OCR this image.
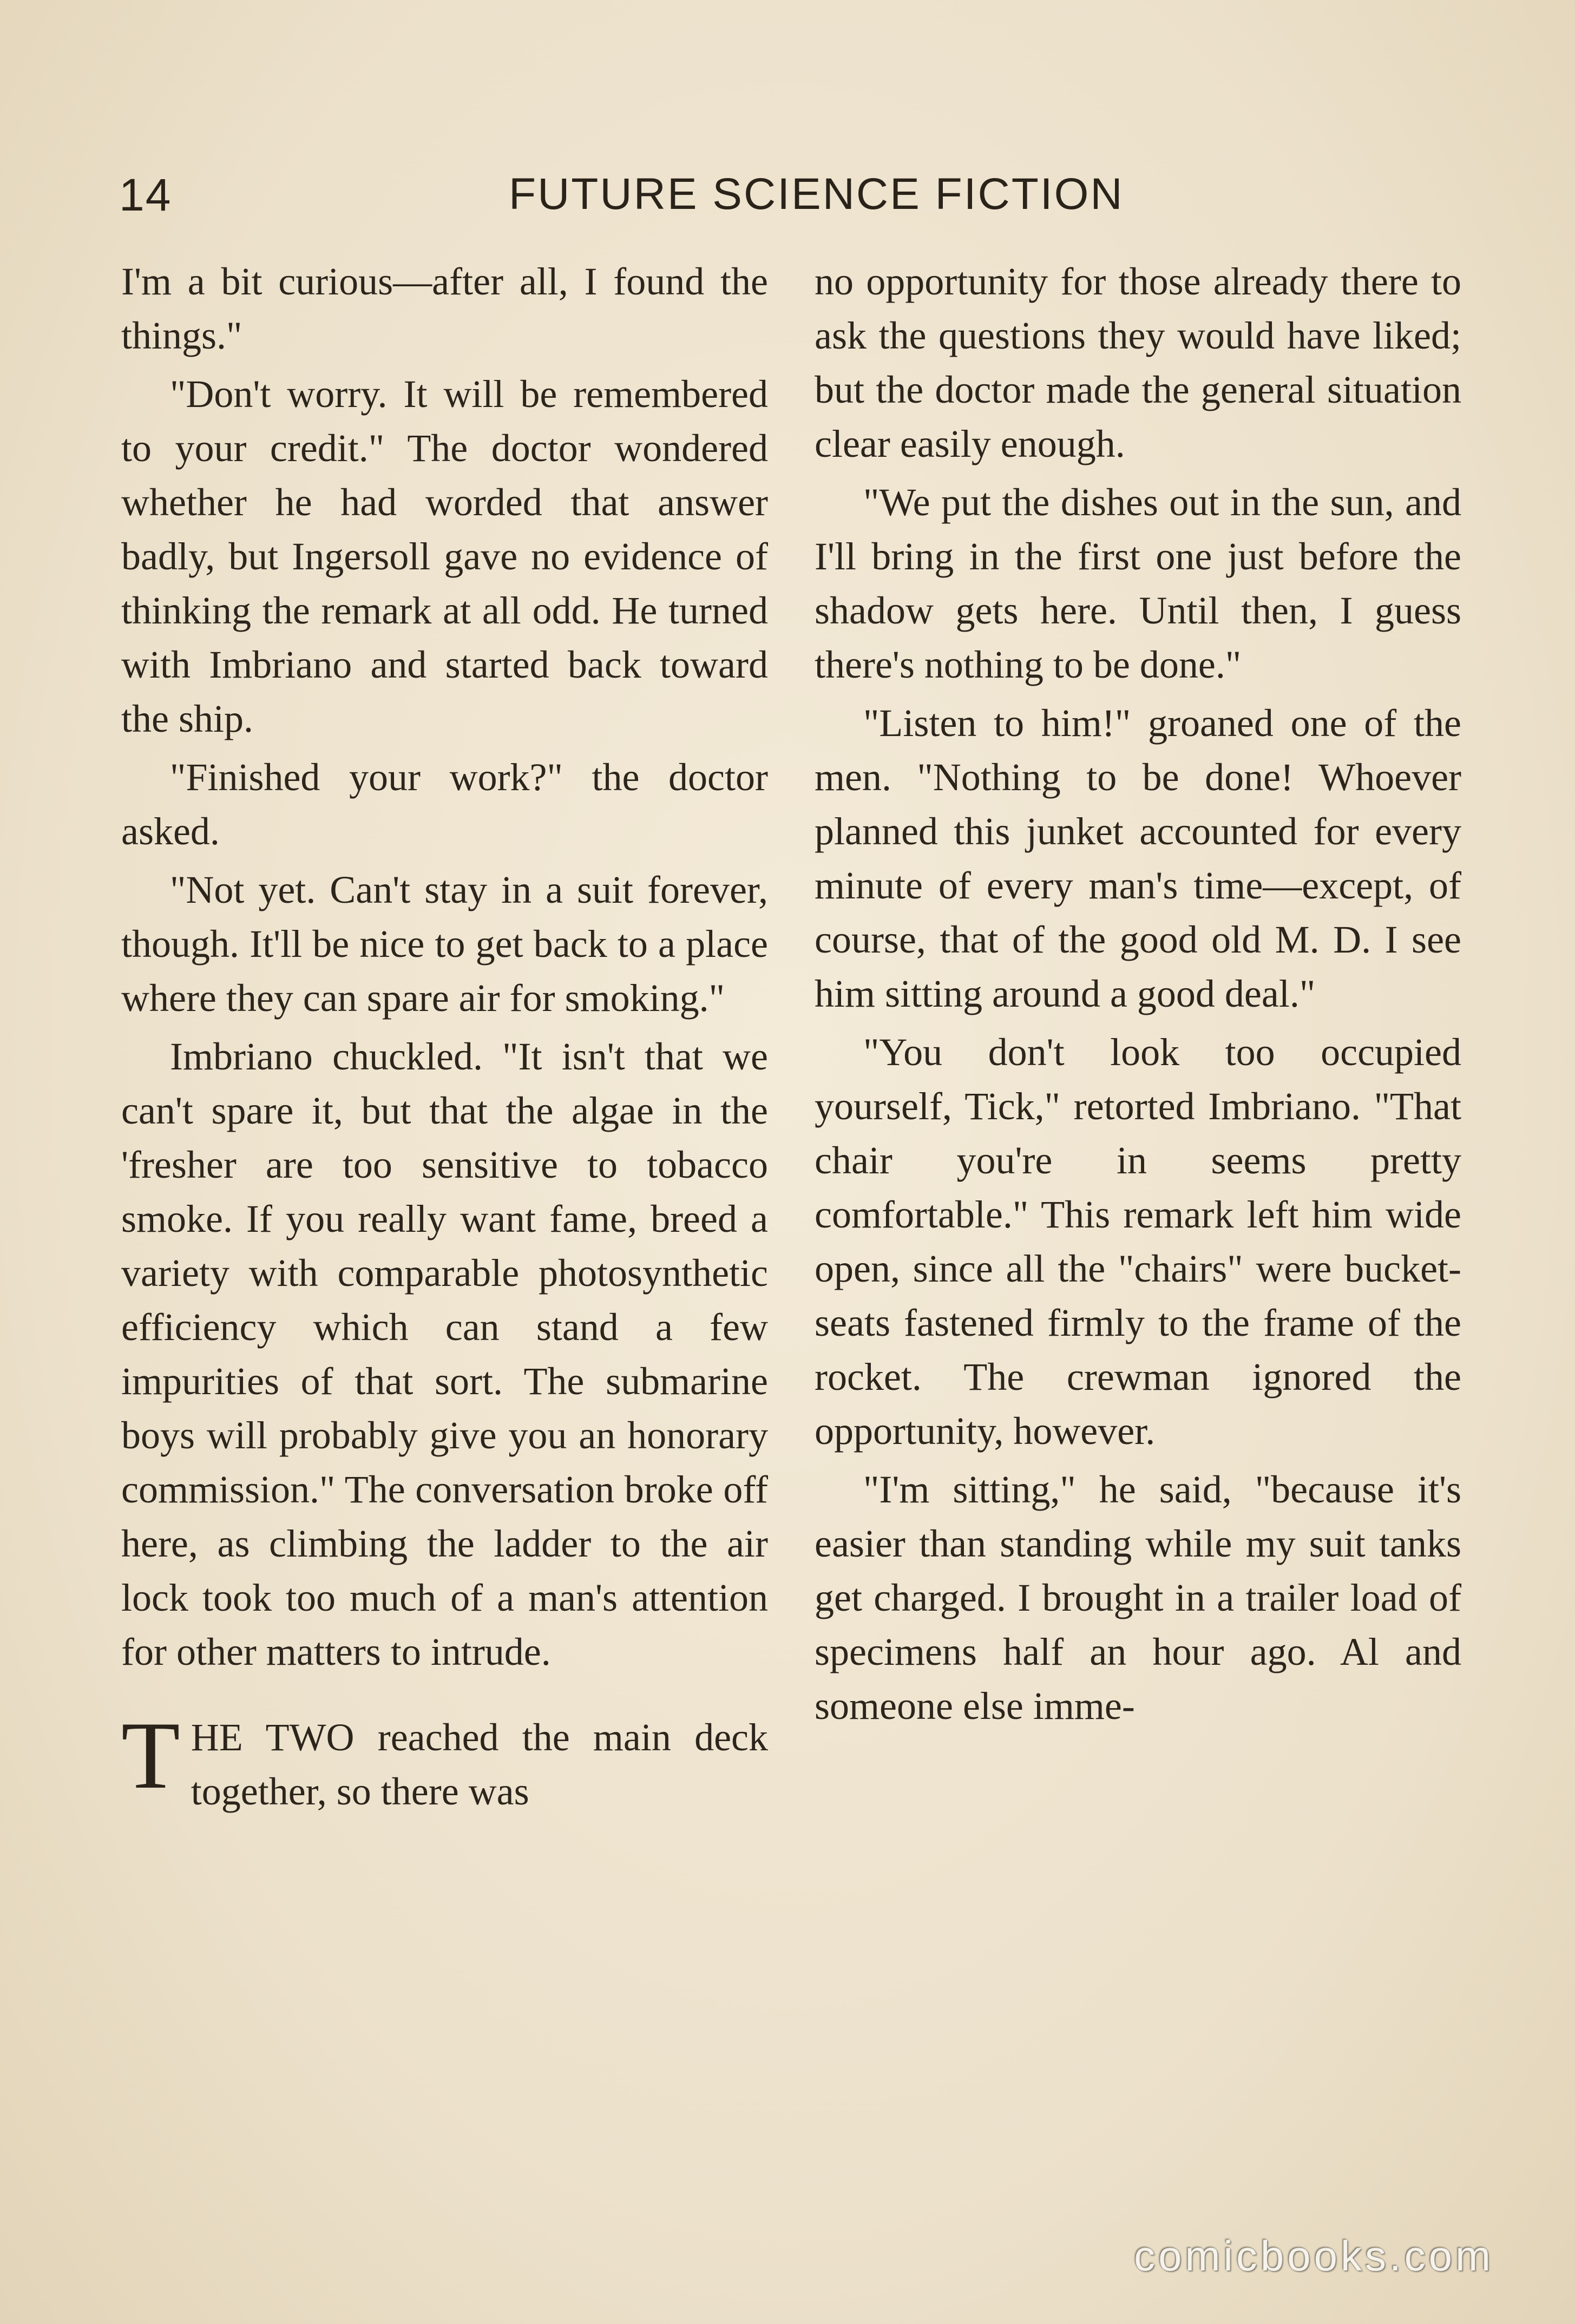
14	FUTURE SCIENCE FICTION

I'm a bit curious—after all, I found the things."

"Don't worry. It will be remembered to your credit." The doctor wondered whether he had worded that answer badly, but Ingersoll gave no evidence of thinking the remark at all odd. He turned with Imbriano and started back toward the ship.

"Finished your work?" the doctor asked.

"Not yet. Can't stay in a suit forever, though. It'll be nice to get back to a place where they can spare air for smoking."

Imbriano chuckled. "It isn't that we can't spare it, but that the algae in the 'fresher are too sensitive to tobacco smoke. If you really want fame, breed a variety with comparable photosynthetic efficiency which can stand a few impurities of that sort. The submarine boys will probably give you an honorary commission." The conversation broke off here, as climbing the ladder to the air lock took too much of a man's attention for other matters to intrude.

THE TWO reached the main deck together, so there was

no opportunity for those already there to ask the questions they would have liked; but the doctor made the general situation clear easily enough.

"We put the dishes out in the sun, and I'll bring in the first one just before the shadow gets here. Until then, I guess there's nothing to be done."

"Listen to him!" groaned one of the men. "Nothing to be done! Whoever planned this junket accounted for every minute of every man's time—except, of course, that of the good old M. D. I see him sitting around a good deal."

"You don't look too occupied yourself, Tick," retorted Imbriano. "That chair you're in seems pretty comfortable." This remark left him wide open, since all the "chairs" were bucket-seats fastened firmly to the frame of the rocket. The crewman ignored the opportunity, however.

"I'm sitting," he said, "because it's easier than standing while my suit tanks get charged. I brought in a trailer load of specimens half an hour ago. Al and someone else imme-

comicbooks.com
